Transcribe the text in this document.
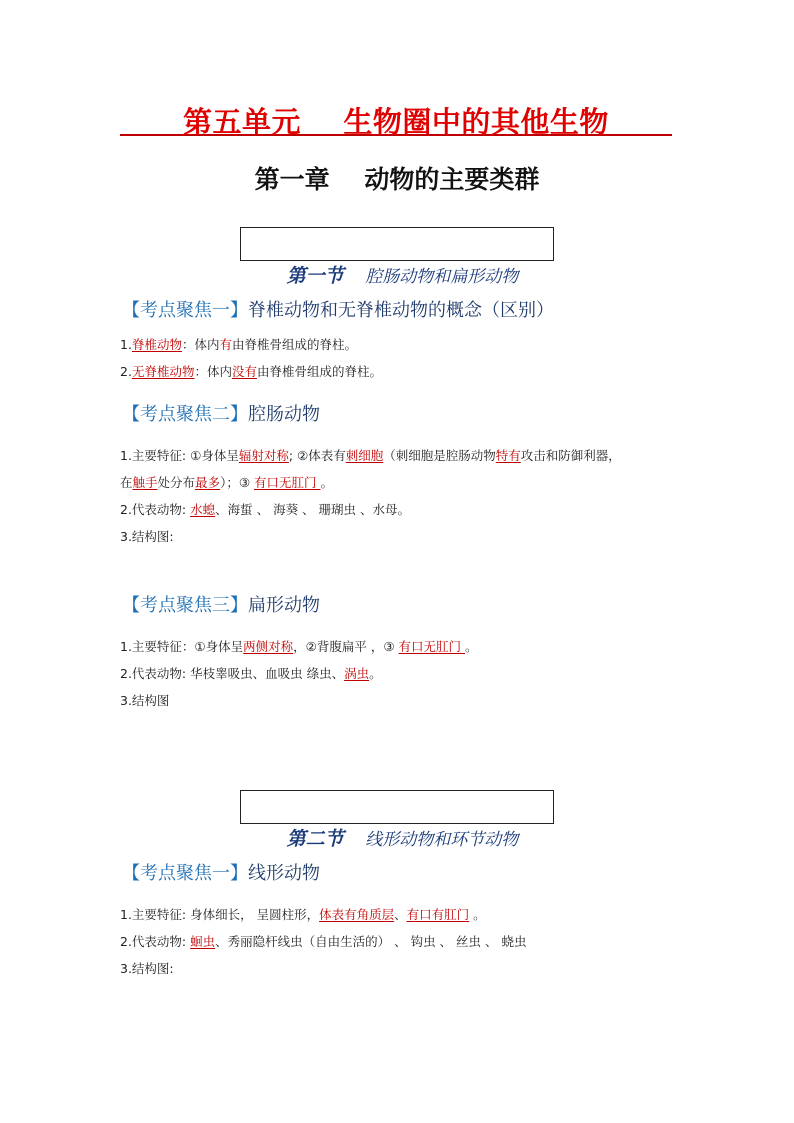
第五单元    生物圈中的其他生物
第一章    动物的主要类群

第一节 腔肠动物和扁形动物

【考点聚焦一】脊椎动物和无脊椎动物的概念（区别）
1.脊椎动物：体内有由脊椎骨组成的脊柱。
2.无脊椎动物：体内没有由脊椎骨组成的脊柱。
【考点聚焦二】腔肠动物
1.主要特征: ①身体呈辐射对称; ②体表有刺细胞（刺细胞是腔肠动物特有攻击和防御利器，
在触手处分布最多）；③ 有口无肛门 。
2.代表动物: 水螅、海蜇 、 海葵 、 珊瑚虫 、水母。
3.结构图:
【考点聚焦三】扁形动物
1.主要特征：①身体呈两侧对称，②背腹扁平 ，③ 有口无肛门 。
2.代表动物: 华枝睾吸虫、血吸虫 绦虫、涡虫。
3.结构图

第二节 线形动物和环节动物

【考点聚焦一】线形动物
1.主要特征: 身体细长， 呈圆柱形，体表有角质层、有口有肛门 。
2.代表动物: 蛔虫、秀丽隐杆线虫（自由生活的） 、 钩虫 、 丝虫 、 蛲虫
3.结构图:
